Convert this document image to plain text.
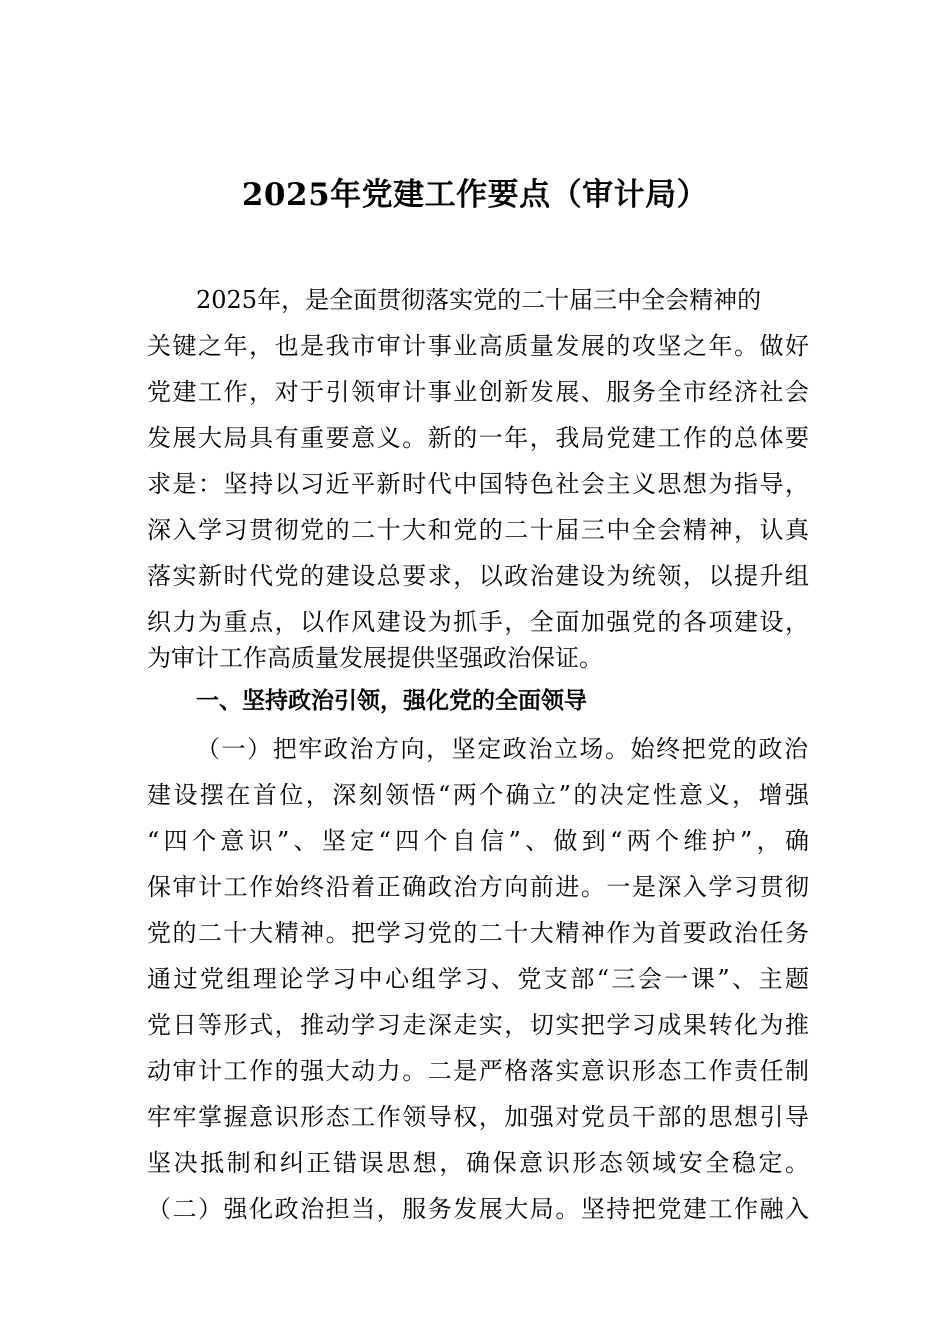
2025年党建工作要点（审计局）
2025年，是全面贯彻落实党的二十届三中全会精神的
关键之年，也是我市审计事业高质量发展的攻坚之年。做好
党建工作，对于引领审计事业创新发展、服务全市经济社会
发展大局具有重要意义。新的一年，我局党建工作的总体要
求是：坚持以习近平新时代中国特色社会主义思想为指导，
深入学习贯彻党的二十大和党的二十届三中全会精神，认真
落实新时代党的建设总要求，以政治建设为统领，以提升组
织力为重点，以作风建设为抓手，全面加强党的各项建设，
为审计工作高质量发展提供坚强政治保证。
一、坚持政治引领，强化党的全面领导
（一）把牢政治方向，坚定政治立场。始终把党的政治
建设摆在首位，深刻领悟“两个确立”的决定性意义，增强
“四个意识”、坚定“四个自信”、做到“两个维护”，确
保审计工作始终沿着正确政治方向前进。一是深入学习贯彻
党的二十大精神。把学习党的二十大精神作为首要政治任务
通过党组理论学习中心组学习、党支部“三会一课”、主题
党日等形式，推动学习走深走实，切实把学习成果转化为推
动审计工作的强大动力。二是严格落实意识形态工作责任制
牢牢掌握意识形态工作领导权，加强对党员干部的思想引导
坚决抵制和纠正错误思想，确保意识形态领域安全稳定。
（二）强化政治担当，服务发展大局。坚持把党建工作融入
